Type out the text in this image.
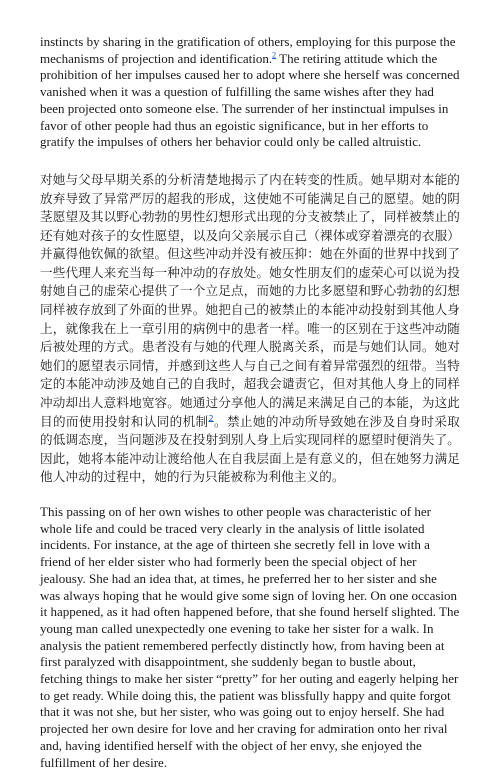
instincts by sharing in the gratification of others, employing for this purpose the mechanisms of projection and identification.$^2$ The retiring attitude which the prohibition of her impulses caused her to adopt where she herself was concerned vanished when it was a question of fulfilling the same wishes after they had been projected onto someone else. The surrender of her instinctual impulses in favor of other people had thus an egoistic significance, but in her efforts to gratify the impulses of others her behavior could only be called altruistic.

对她与父母早期关系的分析清楚地揭示了内在转变的性质。她早期对本能的放弃导致了异常严厉的超我的形成，这使她不可能满足自己的愿望。她的阴茎愿望及其以野心勃勃的男性幻想形式出现的分支被禁止了，同样被禁止的还有她对孩子的女性愿望，以及向父亲展示自己（裸体或穿着漂亮的衣服）并赢得他钦佩的欲望。但这些冲动并没有被压抑：她在外面的世界中找到了一些代理人来充当每一种冲动的存放处。她女性朋友们的虚荣心可以说为投射她自己的虚荣心提供了一个立足点，而她的力比多愿望和野心勃勃的幻想同样被存放到了外面的世界。她把自己的被禁止的本能冲动投射到其他人身上，就像我在上一章引用的病例中的患者一样。唯一的区别在于这些冲动随后被处理的方式。患者没有与她的代理人脱离关系，而是与她们认同。她对她们的愿望表示同情，并感到这些人与自己之间有着异常强烈的纽带。当特定的本能冲动涉及她自己的自我时，超我会谴责它，但对其他人身上的同样冲动却出人意料地宽容。她通过分享他人的满足来满足自己的本能，为这此目的而使用投射和认同的机制$^2$。禁止她的冲动所导致她在涉及自身时采取的低调态度，当问题涉及在投射到别人身上后实现同样的愿望时便消失了。因此，她将本能冲动让渡给他人在自我层面上是有意义的，但在她努力满足他人冲动的过程中，她的行为只能被称为利他主义的。

This passing on of her own wishes to other people was characteristic of her whole life and could be traced very clearly in the analysis of little isolated incidents. For instance, at the age of thirteen she secretly fell in love with a friend of her elder sister who had formerly been the special object of her jealousy. She had an idea that, at times, he preferred her to her sister and she was always hoping that he would give some sign of loving her. On one occasion it happened, as it had often happened before, that she found herself slighted. The young man called unexpectedly one evening to take her sister for a walk. In analysis the patient remembered perfectly distinctly how, from having been at first paralyzed with disappointment, she suddenly began to bustle about, fetching things to make her sister “pretty” for her outing and eagerly helping her to get ready. While doing this, the patient was blissfully happy and quite forgot that it was not she, but her sister, who was going out to enjoy herself. She had projected her own desire for love and her craving for admiration onto her rival and, having identified herself with the object of her envy, she enjoyed the fulfillment of her desire.
